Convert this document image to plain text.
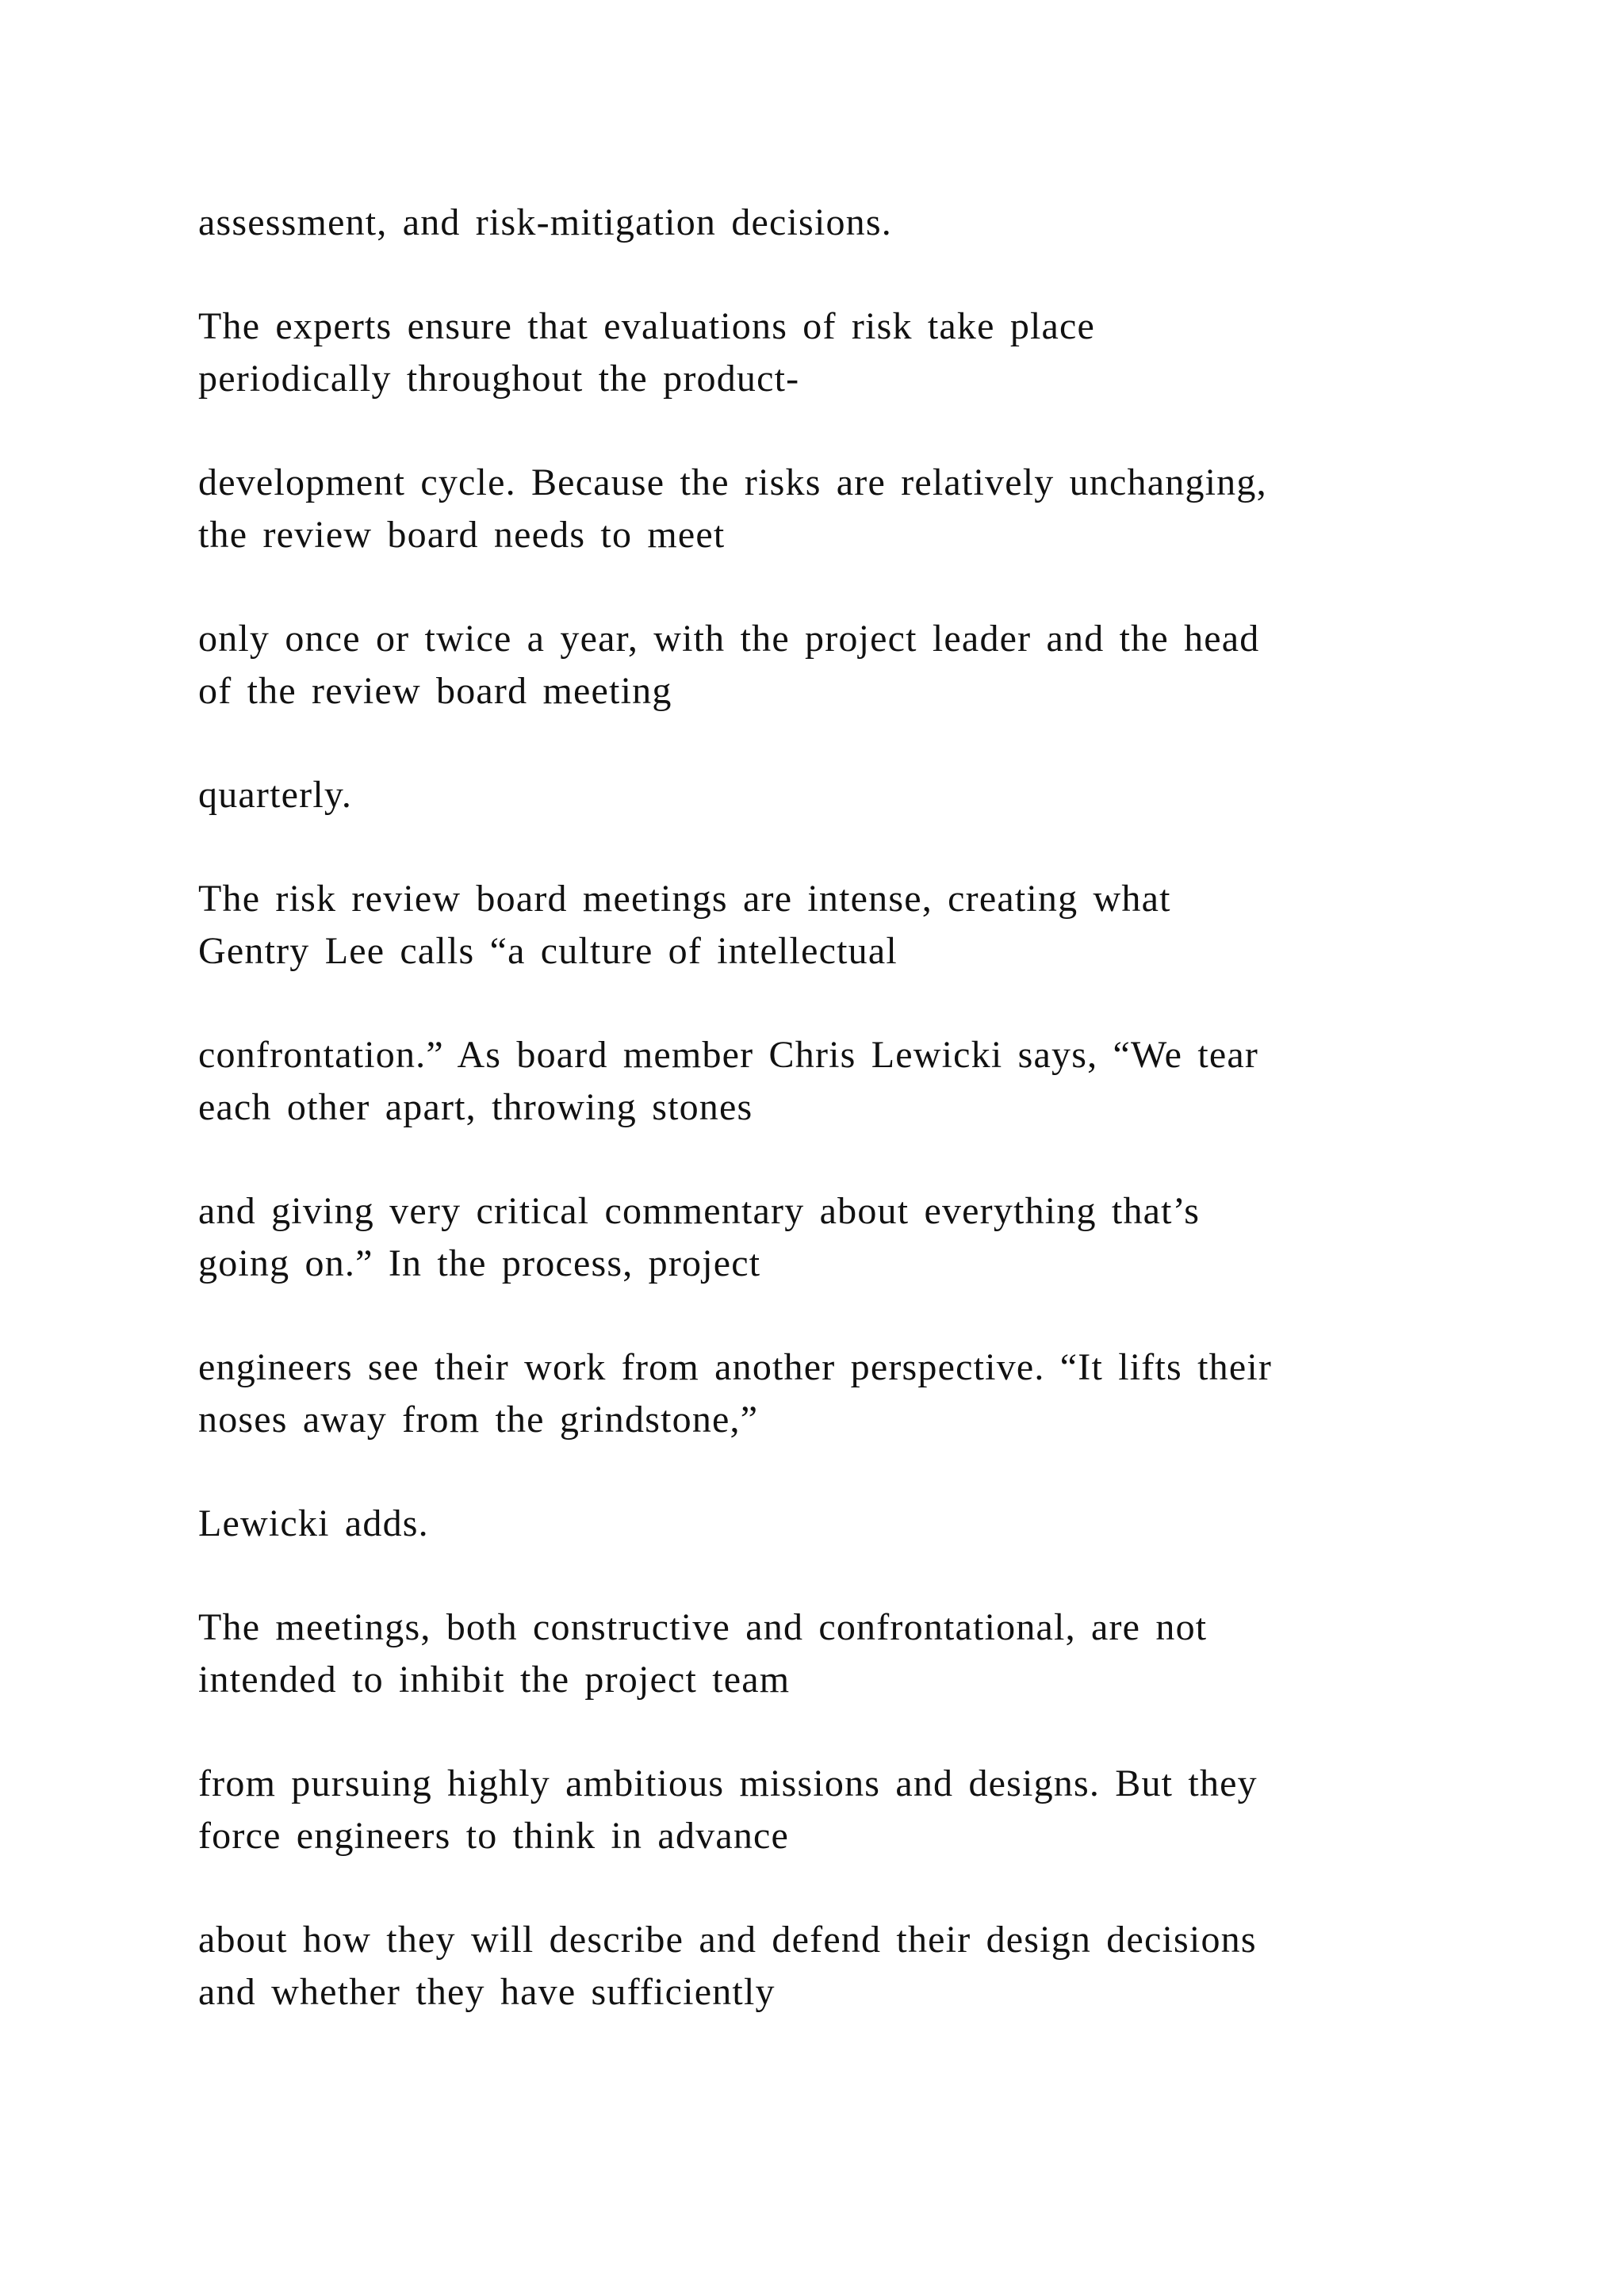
assessment, and risk-mitigation decisions.

The experts ensure that evaluations of risk take place
periodically throughout the product-

development cycle. Because the risks are relatively unchanging,
the review board needs to meet

only once or twice a year, with the project leader and the head
of the review board meeting

quarterly.

The risk review board meetings are intense, creating what
Gentry Lee calls “a culture of intellectual

confrontation.” As board member Chris Lewicki says, “We tear
each other apart, throwing stones

and giving very critical commentary about everything that’s
going on.” In the process, project

engineers see their work from another perspective. “It lifts their
noses away from the grindstone,”

Lewicki adds.

The meetings, both constructive and confrontational, are not
intended to inhibit the project team

from pursuing highly ambitious missions and designs. But they
force engineers to think in advance

about how they will describe and defend their design decisions
and whether they have sufficiently
